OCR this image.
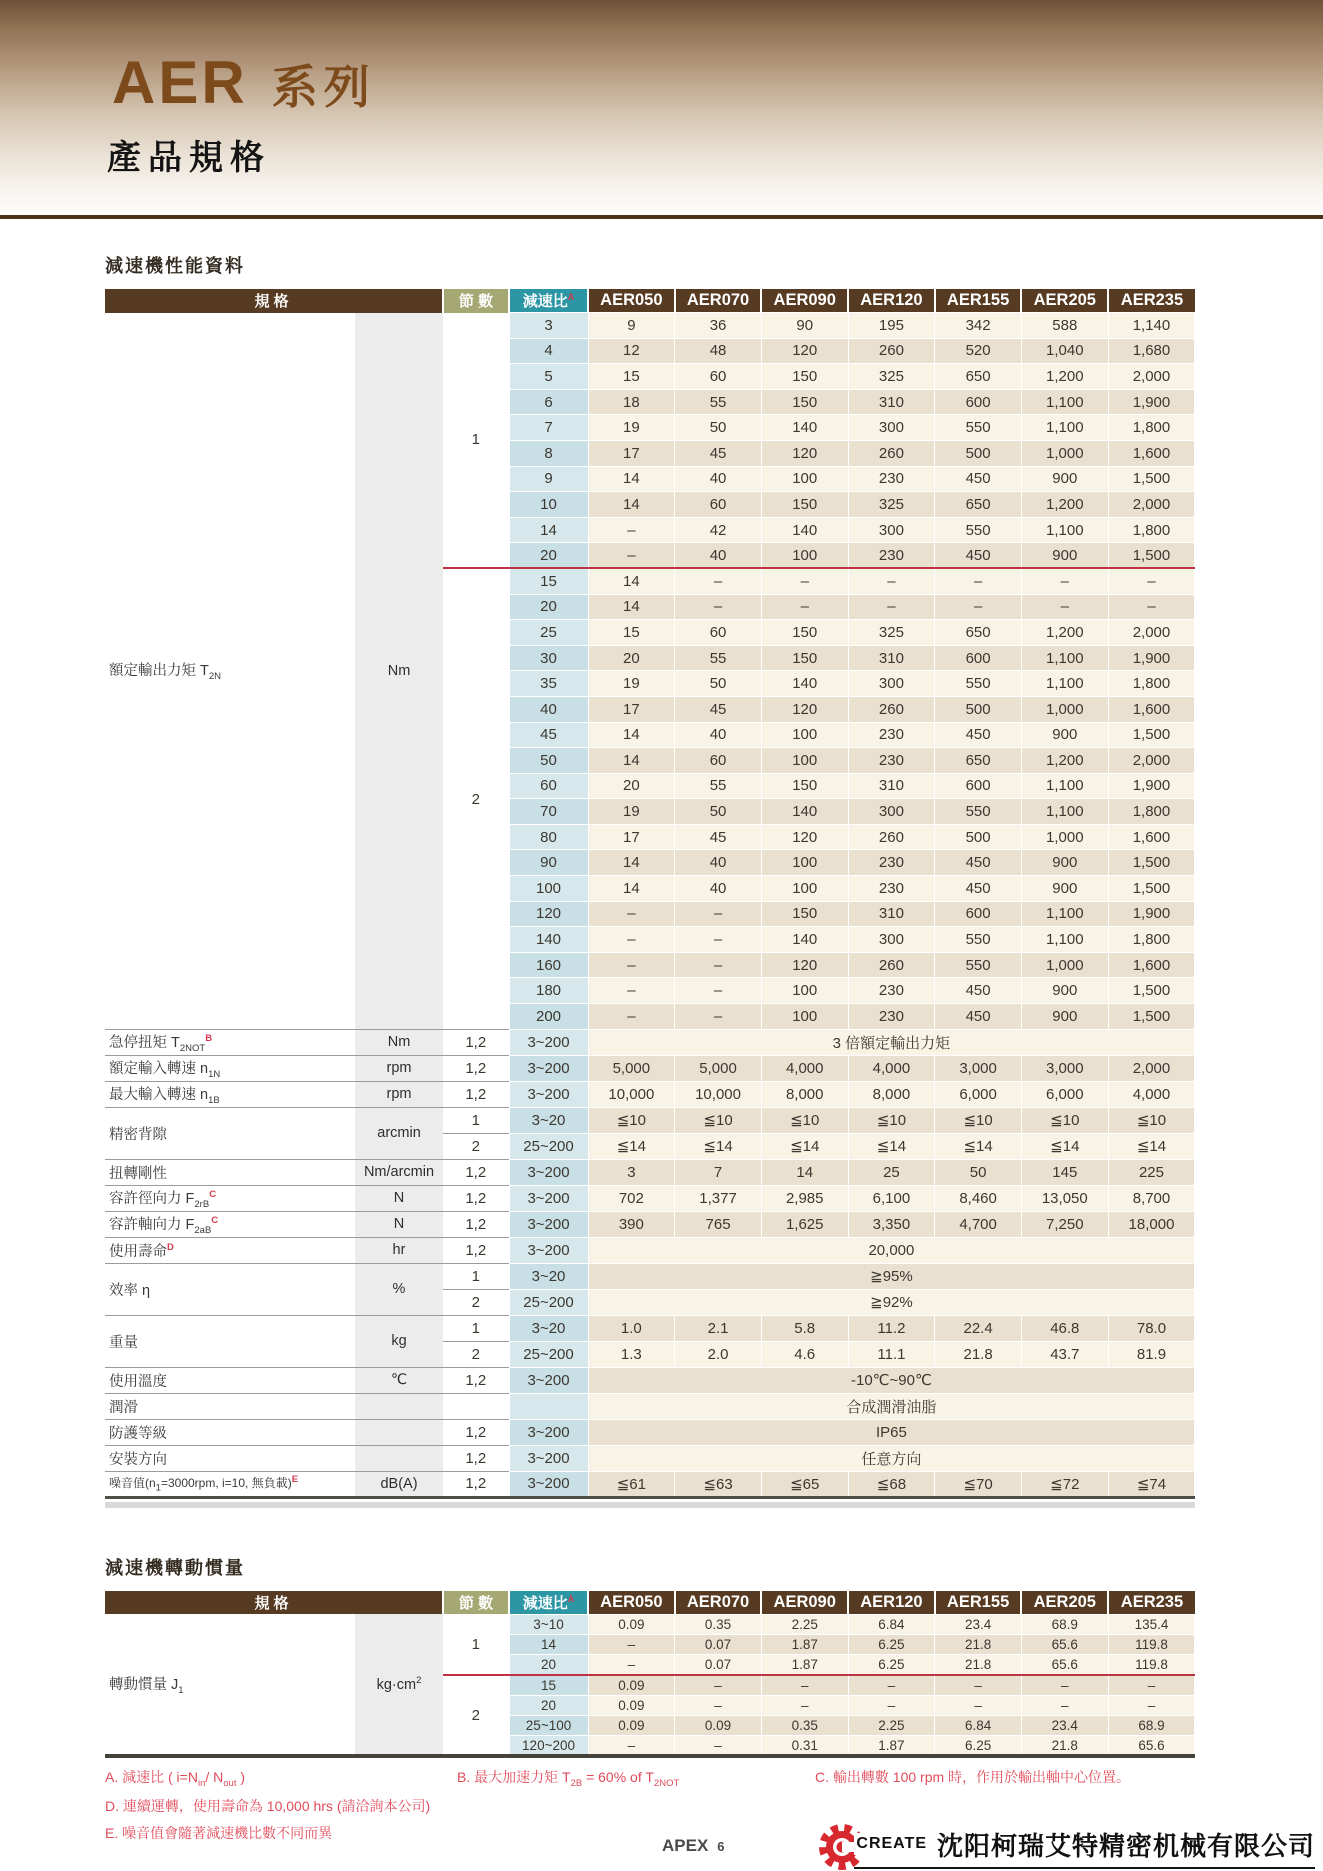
AER 系列
產品規格
減速機性能資料
規格		節 數	減速比$^A$	AER050	AER070	AER090	AER120	AER155	AER205	AER235
額定輸出力矩 $T_{2N}$	Nm	1	3	9	36	90	195	342	588	1,140
			4	12	48	120	260	520	1,040	1,680
			5	15	60	150	325	650	1,200	2,000
			6	18	55	150	310	600	1,100	1,900
			7	19	50	140	300	550	1,100	1,800
			8	17	45	120	260	500	1,000	1,600
			9	14	40	100	230	450	900	1,500
			10	14	60	150	325	650	1,200	2,000
			14	–	42	140	300	550	1,100	1,800
			20	–	40	100	230	450	900	1,500
		2	15	14	–	–	–	–	–	–
			20	14	–	–	–	–	–	–
			25	15	60	150	325	650	1,200	2,000
			30	20	55	150	310	600	1,100	1,900
			35	19	50	140	300	550	1,100	1,800
			40	17	45	120	260	500	1,000	1,600
			45	14	40	100	230	450	900	1,500
			50	14	60	100	230	650	1,200	2,000
			60	20	55	150	310	600	1,100	1,900
			70	19	50	140	300	550	1,100	1,800
			80	17	45	120	260	500	1,000	1,600
			90	14	40	100	230	450	900	1,500
			100	14	40	100	230	450	900	1,500
			120	–	–	150	310	600	1,100	1,900
			140	–	–	140	300	550	1,100	1,800
			160	–	–	120	260	550	1,000	1,600
			180	–	–	100	230	450	900	1,500
			200	–	–	100	230	450	900	1,500
急停扭矩 $T_{2NOT}^B$	Nm	1,2	3~200	3 倍額定輸出力矩						
額定輸入轉速 $n_{1N}$	rpm	1,2	3~200	5,000	5,000	4,000	4,000	3,000	3,000	2,000
最大輸入轉速 $n_{1B}$	rpm	1,2	3~200	10,000	10,000	8,000	8,000	6,000	6,000	4,000
精密背隙	arcmin	1	3~20	≦10	≦10	≦10	≦10	≦10	≦10	≦10
		2	25~200	≦14	≦14	≦14	≦14	≦14	≦14	≦14
扭轉剛性	Nm/arcmin	1,2	3~200	3	7	14	25	50	145	225
容許徑向力 $F_{2rB}^C$	N	1,2	3~200	702	1,377	2,985	6,100	8,460	13,050	8,700
容許軸向力 $F_{2aB}^C$	N	1,2	3~200	390	765	1,625	3,350	4,700	7,250	18,000
使用壽命$^D$	hr	1,2	3~200	20,000						
效率 η	%	1	3~20	≧95%						
		2	25~200	≧92%						
重量	kg	1	3~20	1.0	2.1	5.8	11.2	22.4	46.8	78.0
		2	25~200	1.3	2.0	4.6	11.1	21.8	43.7	81.9
使用溫度	℃	1,2	3~200	-10℃~90℃						
潤滑				合成潤滑油脂						
防護等級		1,2	3~200	IP65						
安裝方向		1,2	3~200	任意方向						
噪音值($n_1=3000rpm$, i=10, 無負載)$^E$	dB(A)	1,2	3~200	≦61	≦63	≦65	≦68	≦70	≦72	≦74
減速機轉動慣量
規格		節 數	減速比$^A$	AER050	AER070	AER090	AER120	AER155	AER205	AER235
轉動慣量 $J_1$	$kg\cdot cm^2$	1	3~10	0.09	0.35	2.25	6.84	23.4	68.9	135.4
			14	–	0.07	1.87	6.25	21.8	65.6	119.8
			20	–	0.07	1.87	6.25	21.8	65.6	119.8
		2	15	0.09	–	–	–	–	–	–
			20	0.09	–	–	–	–	–	–
			25~100	0.09	0.09	0.35	2.25	6.84	23.4	68.9
			120~200	–	–	0.31	1.87	6.25	21.8	65.6
A. 減速比 ( $i=N_{in}/$ $N_{out}$ )	B. 最大加速力矩 $T_{2B} = 60\%$ of $T_{2NOT}$	C. 輸出轉數 100 rpm 時，作用於輸出軸中心位置。
D. 連續運轉，使用壽命為 10,000 hrs (請洽詢本公司)
E. 噪音值會隨著減速機比數不同而異
APEX 6	CREATE 沈阳柯瑞艾特精密机械有限公司
